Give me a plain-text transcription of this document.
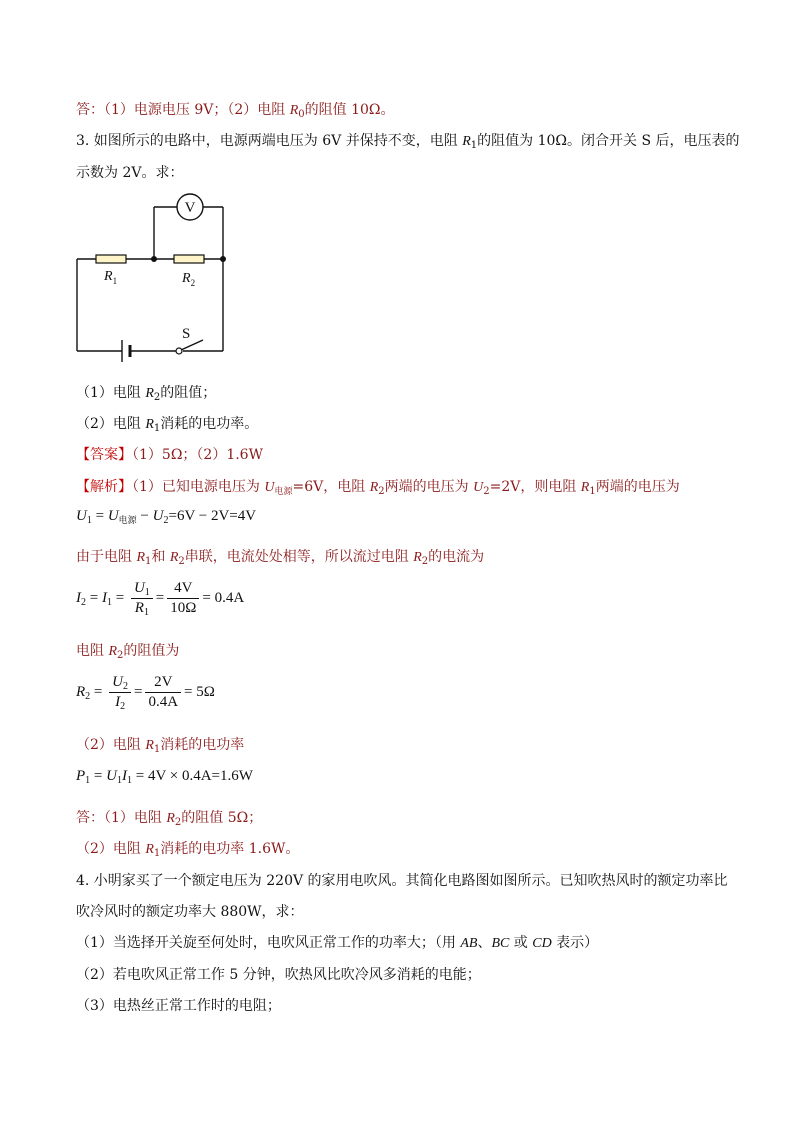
答：（1）电源电压 9V；（2）电阻 $R_0$的阻值 10Ω。
3. 如图所示的电路中，电源两端电压为 6V 并保持不变，电阻 $R_1$的阻值为 10Ω。闭合开关 S 后，电压表的
示数为 2V。求：
V
$R_1$	$R_2$
S
（1）电阻 $R_2$的阻值；
（2）电阻 $R_1$消耗的电功率。
【答案】（1）5Ω；（2）1.6W
【解析】（1）已知电源电压为 $U_{电源}=6V$，电阻 $R_2$两端的电压为 $U_2=2V$，则电阻 $R_1$两端的电压为
$U_1 = U_{电源} - U_2=6V - 2V=4V$
由于电阻 $R_1$和 $R_2$串联，电流处处相等，所以流过电阻 $R_2$的电流为
$I_2 = I_1 = \frac{U_1}{R_1} = \frac{4V}{10\Omega} = 0.4A$
电阻 $R_2$的阻值为
$R_2 = \frac{U_2}{I_2} = \frac{2V}{0.4A} = 5\Omega$
（2）电阻 $R_1$消耗的电功率
$P_1 = U_1I_1 = 4V \times 0.4A=1.6W$
答：（1）电阻 $R_2$的阻值 5Ω；
（2）电阻 $R_1$消耗的电功率 1.6W。
4. 小明家买了一个额定电压为 220V 的家用电吹风。其简化电路图如图所示。已知吹热风时的额定功率比
吹冷风时的额定功率大 880W，求：
（1）当选择开关旋至何处时，电吹风正常工作的功率大；（用 AB、BC 或 CD 表示）
（2）若电吹风正常工作 5 分钟，吹热风比吹冷风多消耗的电能；
（3）电热丝正常工作时的电阻；
